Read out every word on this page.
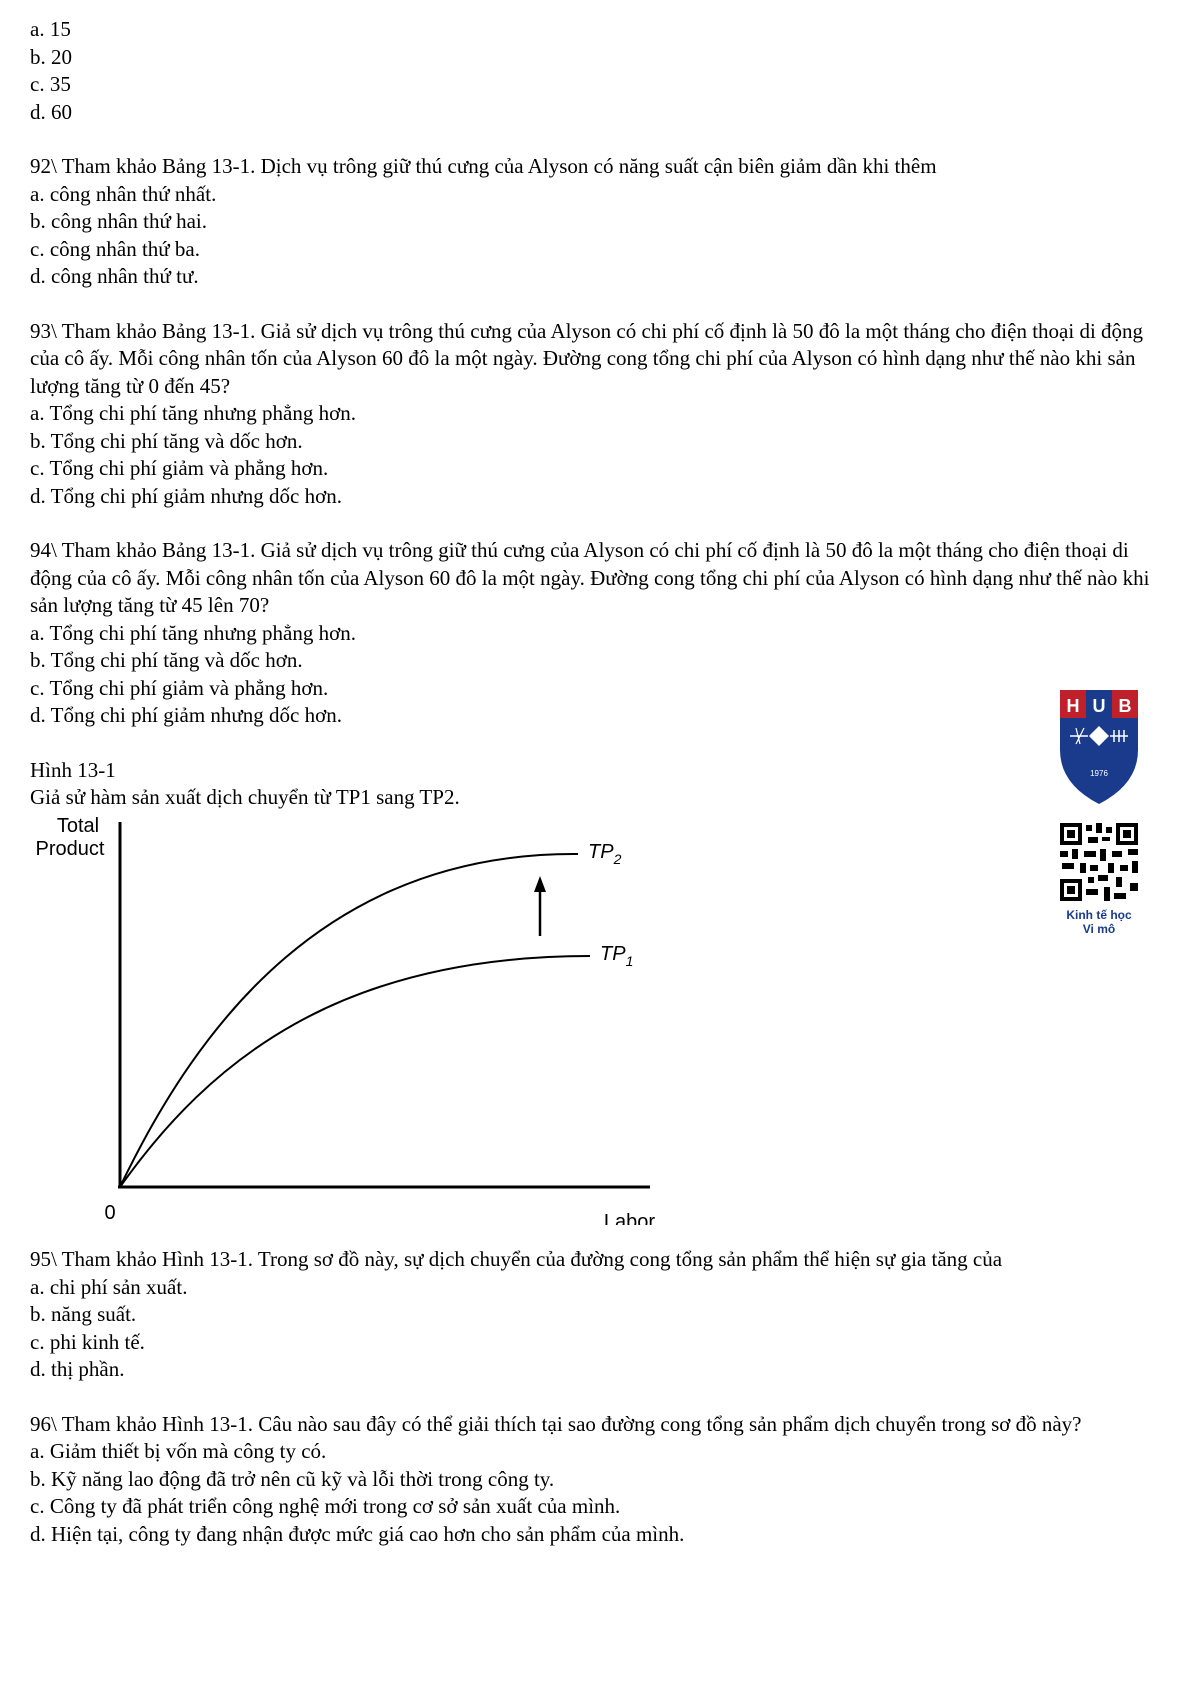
a. 15
b. 20
c. 35
d. 60
92\ Tham khảo Bảng 13-1. Dịch vụ trông giữ thú cưng của Alyson có năng suất cận biên giảm dần khi thêm
a. công nhân thứ nhất.
b. công nhân thứ hai.
c. công nhân thứ ba.
d. công nhân thứ tư.
93\ Tham khảo Bảng 13-1. Giả sử dịch vụ trông thú cưng của Alyson có chi phí cố định là 50 đô la một tháng cho điện thoại di động của cô ấy. Mỗi công nhân tốn của Alyson 60 đô la một ngày. Đường cong tổng chi phí của Alyson có hình dạng như thế nào khi sản lượng tăng từ 0 đến 45?
a. Tổng chi phí tăng nhưng phẳng hơn.
b. Tổng chi phí tăng và dốc hơn.
c. Tổng chi phí giảm và phẳng hơn.
d. Tổng chi phí giảm nhưng dốc hơn.
94\ Tham khảo Bảng 13-1. Giả sử dịch vụ trông giữ thú cưng của Alyson có chi phí cố định là 50 đô la một tháng cho điện thoại di động của cô ấy. Mỗi công nhân tốn của Alyson 60 đô la một ngày. Đường cong tổng chi phí của Alyson có hình dạng như thế nào khi sản lượng tăng từ 45 lên 70?
a. Tổng chi phí tăng nhưng phẳng hơn.
b. Tổng chi phí tăng và dốc hơn.
c. Tổng chi phí giảm và phẳng hơn.
d. Tổng chi phí giảm nhưng dốc hơn.
Hình 13-1
Giả sử hàm sản xuất dịch chuyển từ TP1 sang TP2.
Total
Product	$TP_2$
$TP_1$
0	Labor
H U B
1976

Kinh tế học
Vi mô
95\ Tham khảo Hình 13-1. Trong sơ đồ này, sự dịch chuyển của đường cong tổng sản phẩm thể hiện sự gia tăng của
a. chi phí sản xuất.
b. năng suất.
c. phi kinh tế.
d. thị phần.
96\ Tham khảo Hình 13-1. Câu nào sau đây có thể giải thích tại sao đường cong tổng sản phẩm dịch chuyển trong sơ đồ này?
a. Giảm thiết bị vốn mà công ty có.
b. Kỹ năng lao động đã trở nên cũ kỹ và lỗi thời trong công ty.
c. Công ty đã phát triển công nghệ mới trong cơ sở sản xuất của mình.
d. Hiện tại, công ty đang nhận được mức giá cao hơn cho sản phẩm của mình.
